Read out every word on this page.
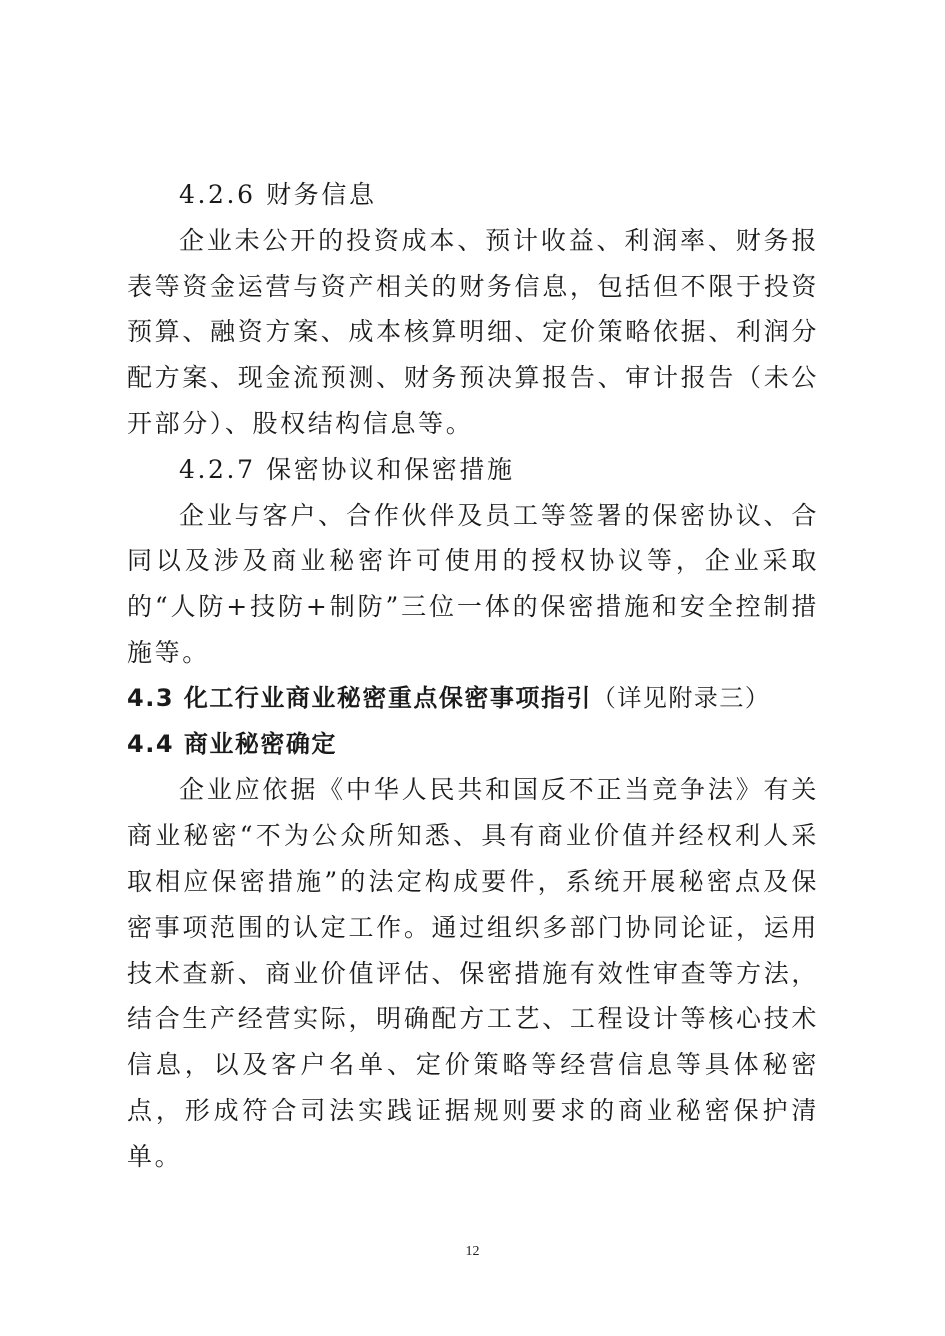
4.2.6 财务信息

企业未公开的投资成本、预计收益、利润率、财务报表等资金运营与资产相关的财务信息，包括但不限于投资预算、融资方案、成本核算明细、定价策略依据、利润分配方案、现金流预测、财务预决算报告、审计报告（未公开部分）、股权结构信息等。

4.2.7 保密协议和保密措施

企业与客户、合作伙伴及员工等签署的保密协议、合同以及涉及商业秘密许可使用的授权协议等，企业采取的“人防+技防+制防”三位一体的保密措施和安全控制措施等。

4.3 化工行业商业秘密重点保密事项指引（详见附录三）

4.4 商业秘密确定

企业应依据《中华人民共和国反不正当竞争法》有关商业秘密“不为公众所知悉、具有商业价值并经权利人采取相应保密措施”的法定构成要件，系统开展秘密点及保密事项范围的认定工作。通过组织多部门协同论证，运用技术查新、商业价值评估、保密措施有效性审查等方法，结合生产经营实际，明确配方工艺、工程设计等核心技术信息，以及客户名单、定价策略等经营信息等具体秘密点，形成符合司法实践证据规则要求的商业秘密保护清单。

12
